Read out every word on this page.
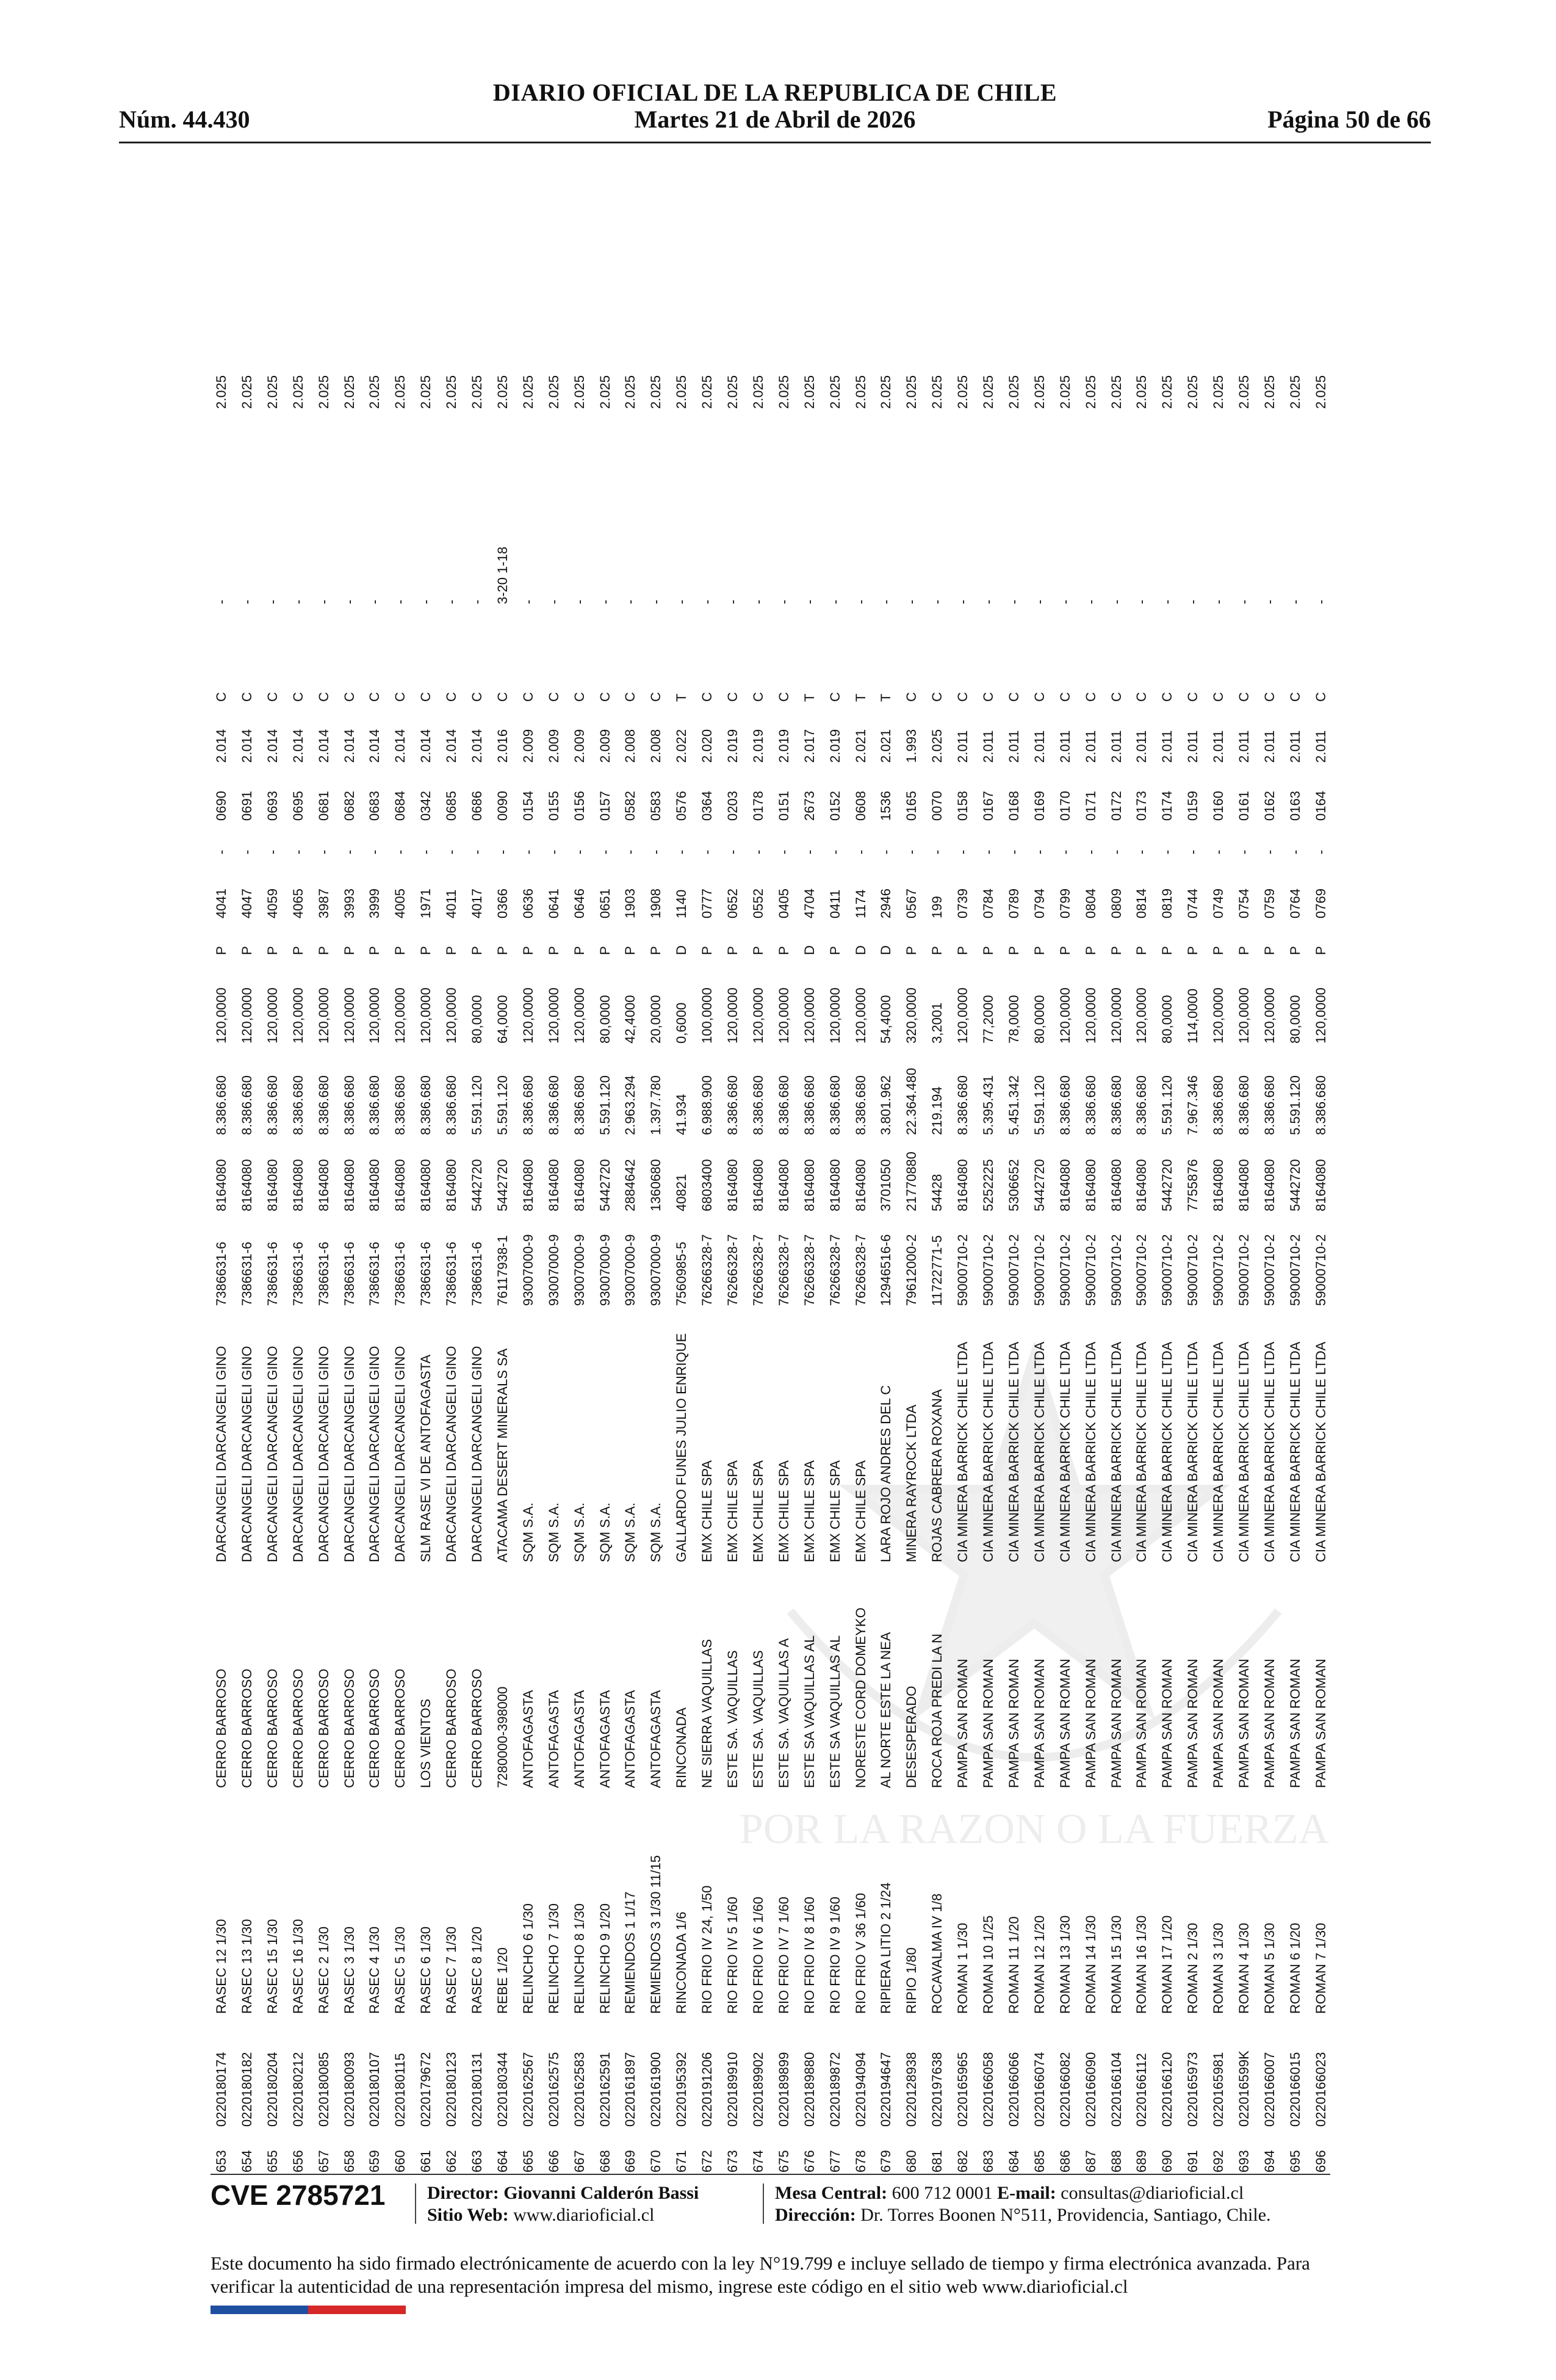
DIARIO OFICIAL DE LA REPUBLICA DE CHILE
Núm. 44.430	Martes 21 de Abril de 2026	Página 50 de 66
POR LA RAZON O LA FUERZA
653
0220180174
RASEC 12 1/30
CERRO BARROSO
DARCANGELI DARCANGELI GINO
7386631-6
8164080
8.386.680
120,0000
P
4041
-
0690
2.014
C
-
2.025
654
0220180182
RASEC 13 1/30
CERRO BARROSO
DARCANGELI DARCANGELI GINO
7386631-6
8164080
8.386.680
120,0000
P
4047
-
0691
2.014
C
-
2.025
655
0220180204
RASEC 15 1/30
CERRO BARROSO
DARCANGELI DARCANGELI GINO
7386631-6
8164080
8.386.680
120,0000
P
4059
-
0693
2.014
C
-
2.025
656
0220180212
RASEC 16 1/30
CERRO BARROSO
DARCANGELI DARCANGELI GINO
7386631-6
8164080
8.386.680
120,0000
P
4065
-
0695
2.014
C
-
2.025
657
0220180085
RASEC 2 1/30
CERRO BARROSO
DARCANGELI DARCANGELI GINO
7386631-6
8164080
8.386.680
120,0000
P
3987
-
0681
2.014
C
-
2.025
658
0220180093
RASEC 3 1/30
CERRO BARROSO
DARCANGELI DARCANGELI GINO
7386631-6
8164080
8.386.680
120,0000
P
3993
-
0682
2.014
C
-
2.025
659
0220180107
RASEC 4 1/30
CERRO BARROSO
DARCANGELI DARCANGELI GINO
7386631-6
8164080
8.386.680
120,0000
P
3999
-
0683
2.014
C
-
2.025
660
0220180115
RASEC 5 1/30
CERRO BARROSO
DARCANGELI DARCANGELI GINO
7386631-6
8164080
8.386.680
120,0000
P
4005
-
0684
2.014
C
-
2.025
661
0220179672
RASEC 6 1/30
LOS VIENTOS
SLM RASE VI DE ANTOFAGASTA
7386631-6
8164080
8.386.680
120,0000
P
1971
-
0342
2.014
C
-
2.025
662
0220180123
RASEC 7 1/30
CERRO BARROSO
DARCANGELI DARCANGELI GINO
7386631-6
8164080
8.386.680
120,0000
P
4011
-
0685
2.014
C
-
2.025
663
0220180131
RASEC 8 1/20
CERRO BARROSO
DARCANGELI DARCANGELI GINO
7386631-6
5442720
5.591.120
80,0000
P
4017
-
0686
2.014
C
-
2.025
664
0220180344
REBE 1/20
7280000-398000
ATACAMA DESERT MINERALS SA
76117938-1
5442720
5.591.120
64,0000
P
0366
-
0090
2.016
C
3-20 1-18
2.025
665
0220162567
RELINCHO 6 1/30
ANTOFAGASTA
SQM S.A.
93007000-9
8164080
8.386.680
120,0000
P
0636
-
0154
2.009
C
-
2.025
666
0220162575
RELINCHO 7 1/30
ANTOFAGASTA
SQM S.A.
93007000-9
8164080
8.386.680
120,0000
P
0641
-
0155
2.009
C
-
2.025
667
0220162583
RELINCHO 8 1/30
ANTOFAGASTA
SQM S.A.
93007000-9
8164080
8.386.680
120,0000
P
0646
-
0156
2.009
C
-
2.025
668
0220162591
RELINCHO 9 1/20
ANTOFAGASTA
SQM S.A.
93007000-9
5442720
5.591.120
80,0000
P
0651
-
0157
2.009
C
-
2.025
669
0220161897
REMIENDOS 1 1/17
ANTOFAGASTA
SQM S.A.
93007000-9
2884642
2.963.294
42,4000
P
1903
-
0582
2.008
C
-
2.025
670
0220161900
REMIENDOS 3 1/30 11/15
ANTOFAGASTA
SQM S.A.
93007000-9
1360680
1.397.780
20,0000
P
1908
-
0583
2.008
C
-
2.025
671
0220195392
RINCONADA 1/6
RINCONADA
GALLARDO FUNES JULIO ENRIQUE
7560985-5
40821
41.934
0,6000
D
1140
-
0576
2.022
T
-
2.025
672
0220191206
RIO FRIO IV 24, 1/50
NE SIERRA VAQUILLAS
EMX CHILE SPA
76266328-7
6803400
6.988.900
100,0000
P
0777
-
0364
2.020
C
-
2.025
673
0220189910
RIO FRIO IV 5 1/60
ESTE SA. VAQUILLAS
EMX CHILE SPA
76266328-7
8164080
8.386.680
120,0000
P
0652
-
0203
2.019
C
-
2.025
674
0220189902
RIO FRIO IV 6 1/60
ESTE SA. VAQUILLAS
EMX CHILE SPA
76266328-7
8164080
8.386.680
120,0000
P
0552
-
0178
2.019
C
-
2.025
675
0220189899
RIO FRIO IV 7 1/60
ESTE SA. VAQUILLAS A
EMX CHILE SPA
76266328-7
8164080
8.386.680
120,0000
P
0405
-
0151
2.019
C
-
2.025
676
0220189880
RIO FRIO IV 8 1/60
ESTE SA VAQUILLAS AL
EMX CHILE SPA
76266328-7
8164080
8.386.680
120,0000
D
4704
-
2673
2.017
T
-
2.025
677
0220189872
RIO FRIO IV 9 1/60
ESTE SA VAQUILLAS AL
EMX CHILE SPA
76266328-7
8164080
8.386.680
120,0000
P
0411
-
0152
2.019
C
-
2.025
678
0220194094
RIO FRIO V 36 1/60
NORESTE CORD DOMEYKO
EMX CHILE SPA
76266328-7
8164080
8.386.680
120,0000
D
1174
-
0608
2.021
T
-
2.025
679
0220194647
RIPIERA LITIO 2 1/24
AL NORTE ESTE LA NEA
LARA ROJO ANDRES DEL C
12946516-6
3701050
3.801.962
54,4000
D
2946
-
1536
2.021
T
-
2.025
680
0220128938
RIPIO 1/80
DESESPERADO
MINERA RAYROCK LTDA
79612000-2
21770880
22.364.480
320,0000
P
0567
-
0165
1.993
C
-
2.025
681
0220197638
ROCAVALMA IV 1/8
ROCA ROJA PREDI LA N
ROJAS CABRERA ROXANA
11722771-5
54428
219.194
3,2001
P
199
-
0070
2.025
C
-
2.025
682
0220165965
ROMAN 1 1/30
PAMPA SAN ROMAN
CIA MINERA BARRICK CHILE LTDA
59000710-2
8164080
8.386.680
120,0000
P
0739
-
0158
2.011
C
-
2.025
683
0220166058
ROMAN 10 1/25
PAMPA SAN ROMAN
CIA MINERA BARRICK CHILE LTDA
59000710-2
5252225
5.395.431
77,2000
P
0784
-
0167
2.011
C
-
2.025
684
0220166066
ROMAN 11 1/20
PAMPA SAN ROMAN
CIA MINERA BARRICK CHILE LTDA
59000710-2
5306652
5.451.342
78,0000
P
0789
-
0168
2.011
C
-
2.025
685
0220166074
ROMAN 12 1/20
PAMPA SAN ROMAN
CIA MINERA BARRICK CHILE LTDA
59000710-2
5442720
5.591.120
80,0000
P
0794
-
0169
2.011
C
-
2.025
686
0220166082
ROMAN 13 1/30
PAMPA SAN ROMAN
CIA MINERA BARRICK CHILE LTDA
59000710-2
8164080
8.386.680
120,0000
P
0799
-
0170
2.011
C
-
2.025
687
0220166090
ROMAN 14 1/30
PAMPA SAN ROMAN
CIA MINERA BARRICK CHILE LTDA
59000710-2
8164080
8.386.680
120,0000
P
0804
-
0171
2.011
C
-
2.025
688
0220166104
ROMAN 15 1/30
PAMPA SAN ROMAN
CIA MINERA BARRICK CHILE LTDA
59000710-2
8164080
8.386.680
120,0000
P
0809
-
0172
2.011
C
-
2.025
689
0220166112
ROMAN 16 1/30
PAMPA SAN ROMAN
CIA MINERA BARRICK CHILE LTDA
59000710-2
8164080
8.386.680
120,0000
P
0814
-
0173
2.011
C
-
2.025
690
0220166120
ROMAN 17 1/20
PAMPA SAN ROMAN
CIA MINERA BARRICK CHILE LTDA
59000710-2
5442720
5.591.120
80,0000
P
0819
-
0174
2.011
C
-
2.025
691
0220165973
ROMAN 2 1/30
PAMPA SAN ROMAN
CIA MINERA BARRICK CHILE LTDA
59000710-2
7755876
7.967.346
114,0000
P
0744
-
0159
2.011
C
-
2.025
692
0220165981
ROMAN 3 1/30
PAMPA SAN ROMAN
CIA MINERA BARRICK CHILE LTDA
59000710-2
8164080
8.386.680
120,0000
P
0749
-
0160
2.011
C
-
2.025
693
022016599K
ROMAN 4 1/30
PAMPA SAN ROMAN
CIA MINERA BARRICK CHILE LTDA
59000710-2
8164080
8.386.680
120,0000
P
0754
-
0161
2.011
C
-
2.025
694
0220166007
ROMAN 5 1/30
PAMPA SAN ROMAN
CIA MINERA BARRICK CHILE LTDA
59000710-2
8164080
8.386.680
120,0000
P
0759
-
0162
2.011
C
-
2.025
695
0220166015
ROMAN 6 1/20
PAMPA SAN ROMAN
CIA MINERA BARRICK CHILE LTDA
59000710-2
5442720
5.591.120
80,0000
P
0764
-
0163
2.011
C
-
2.025
696
0220166023
ROMAN 7 1/30
PAMPA SAN ROMAN
CIA MINERA BARRICK CHILE LTDA
59000710-2
8164080
8.386.680
120,0000
P
0769
-
0164
2.011
C
-
2.025
CVE 2785721 Director: Giovanni Calderón Bassi
Sitio Web: www.diarioficial.cl
Mesa Central: 600 712 0001 E-mail: consultas@diarioficial.cl
Dirección: Dr. Torres Boonen N°511, Providencia, Santiago, Chile.
Este documento ha sido firmado electrónicamente de acuerdo con la ley N°19.799 e incluye sellado de tiempo y firma electrónica avanzada. Para verificar la autenticidad de una representación impresa del mismo, ingrese este código en el sitio web www.diarioficial.cl
